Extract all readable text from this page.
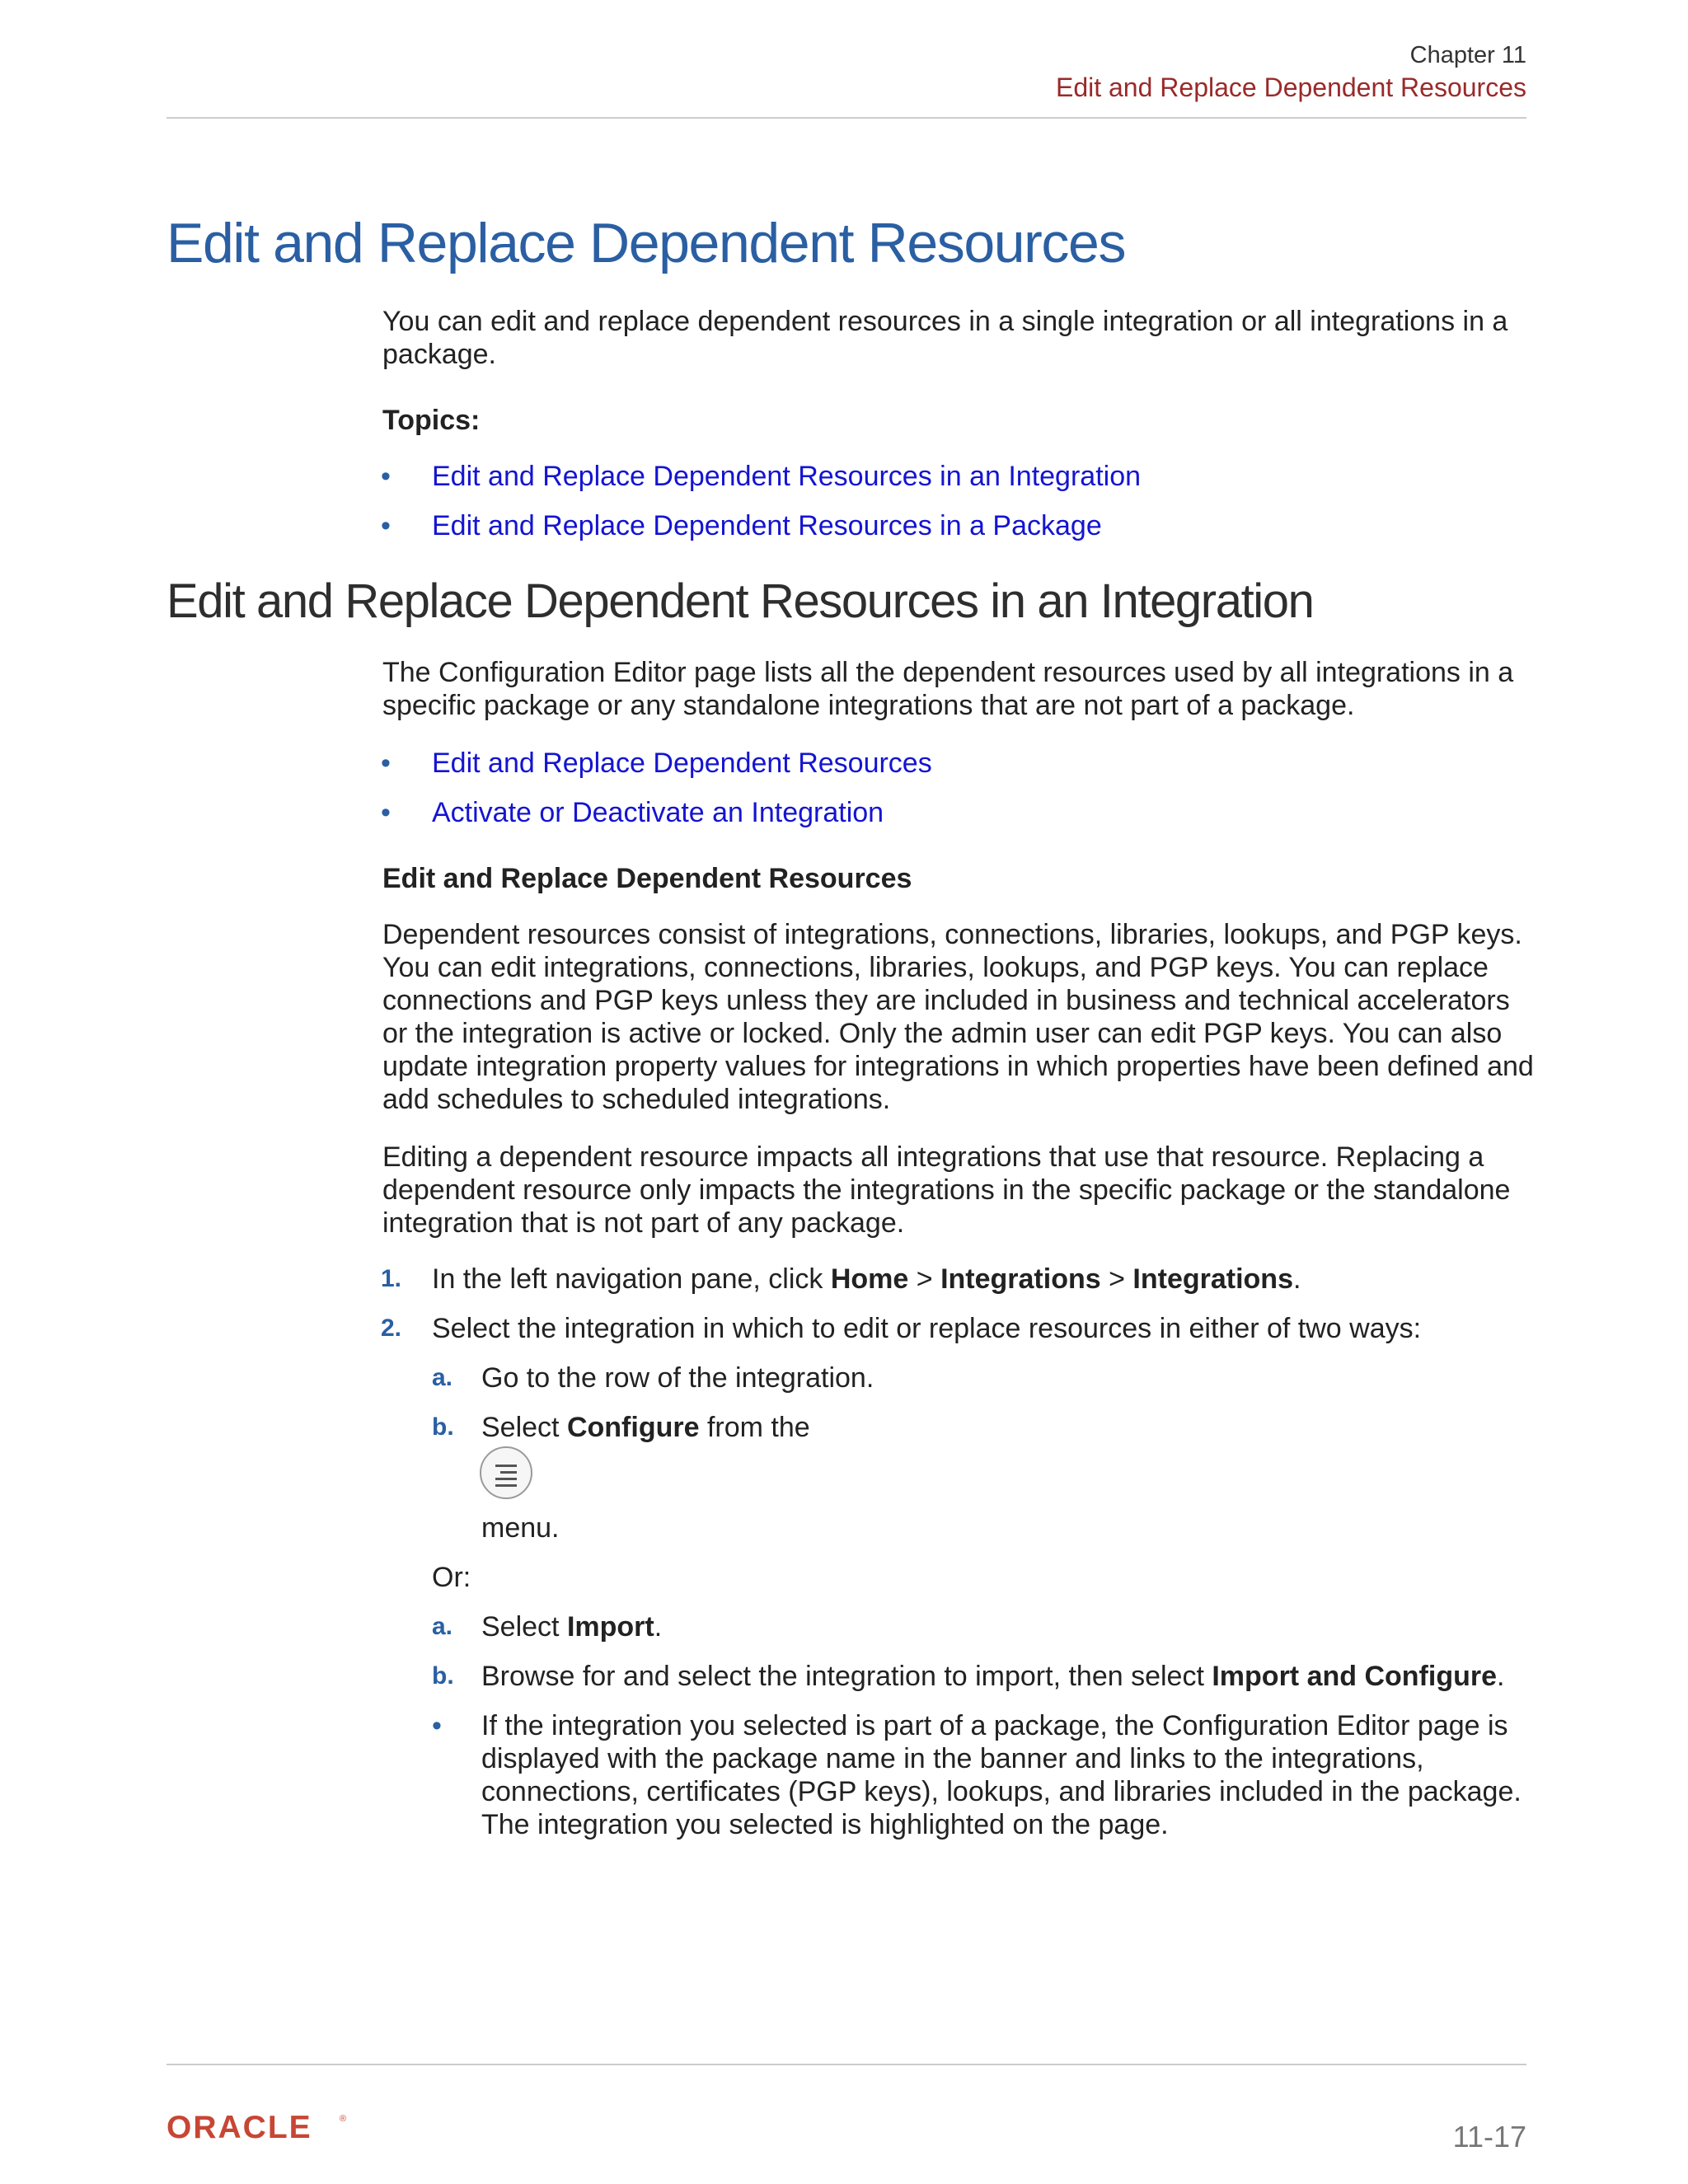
Chapter 11
Edit and Replace Dependent Resources
Edit and Replace Dependent Resources

You can edit and replace dependent resources in a single integration or all integrations in a package.

Topics:
• Edit and Replace Dependent Resources in an Integration
• Edit and Replace Dependent Resources in a Package
Edit and Replace Dependent Resources in an Integration

The Configuration Editor page lists all the dependent resources used by all integrations in a specific package or any standalone integrations that are not part of a package.

• Edit and Replace Dependent Resources
• Activate or Deactivate an Integration
Edit and Replace Dependent Resources

Dependent resources consist of integrations, connections, libraries, lookups, and PGP keys. You can edit integrations, connections, libraries, lookups, and PGP keys. You can replace connections and PGP keys unless they are included in business and technical accelerators or the integration is active or locked. Only the admin user can edit PGP keys. You can also update integration property values for integrations in which properties have been defined and add schedules to scheduled integrations.

Editing a dependent resource impacts all integrations that use that resource. Replacing a dependent resource only impacts the integrations in the specific package or the standalone integration that is not part of any package.

1. In the left navigation pane, click Home > Integrations > Integrations.
2. Select the integration in which to edit or replace resources in either of two ways:
a. Go to the row of the integration.
b. Select Configure from the
menu.
Or:
a. Select Import.
b. Browse for and select the integration to import, then select Import and Configure.
• If the integration you selected is part of a package, the Configuration Editor page is displayed with the package name in the banner and links to the integrations, connections, certificates (PGP keys), lookups, and libraries included in the package. The integration you selected is highlighted on the page.
ORACLE	®
11-17
